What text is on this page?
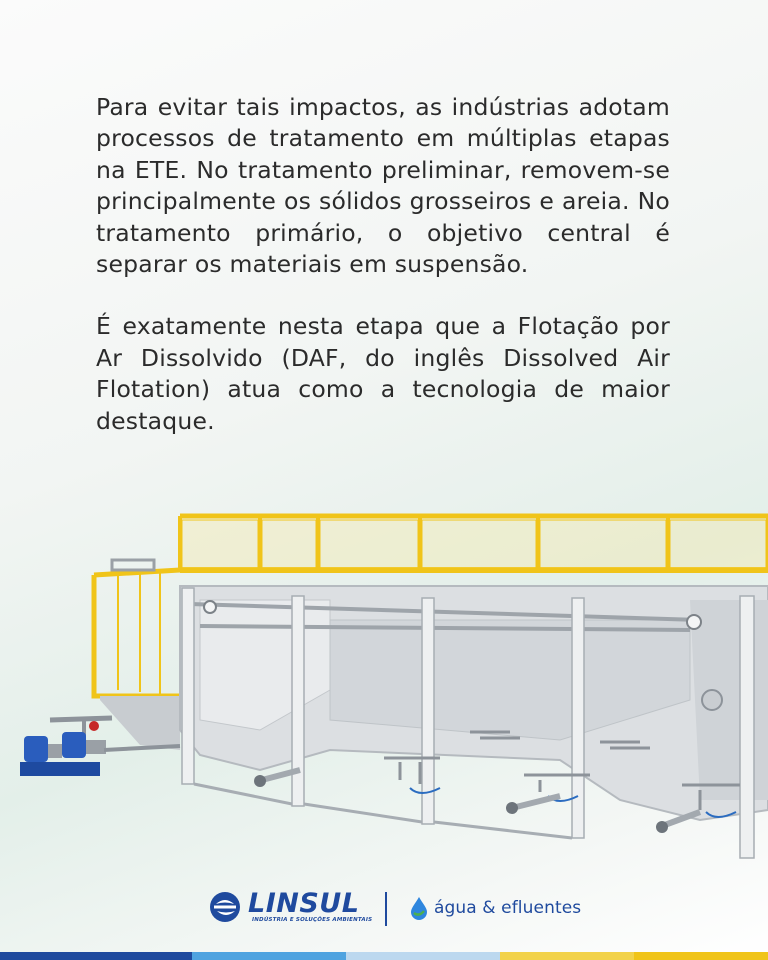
Para evitar tais impactos, as indústrias adotam processos de tratamento em múltiplas etapas na ETE. No tratamento preliminar, removem-se principalmente os sólidos grosseiros e areia. No tratamento primário, o objetivo central é separar os materiais em suspensão.

É exatamente nesta etapa que a Flotação por Ar Dissolvido (DAF, do inglês Dissolved Air Flotation) atua como a tecnologia de maior destaque.

LINSUL
INDÚSTRIA E SOLUÇÕES AMBIENTAIS
água & efluentes
